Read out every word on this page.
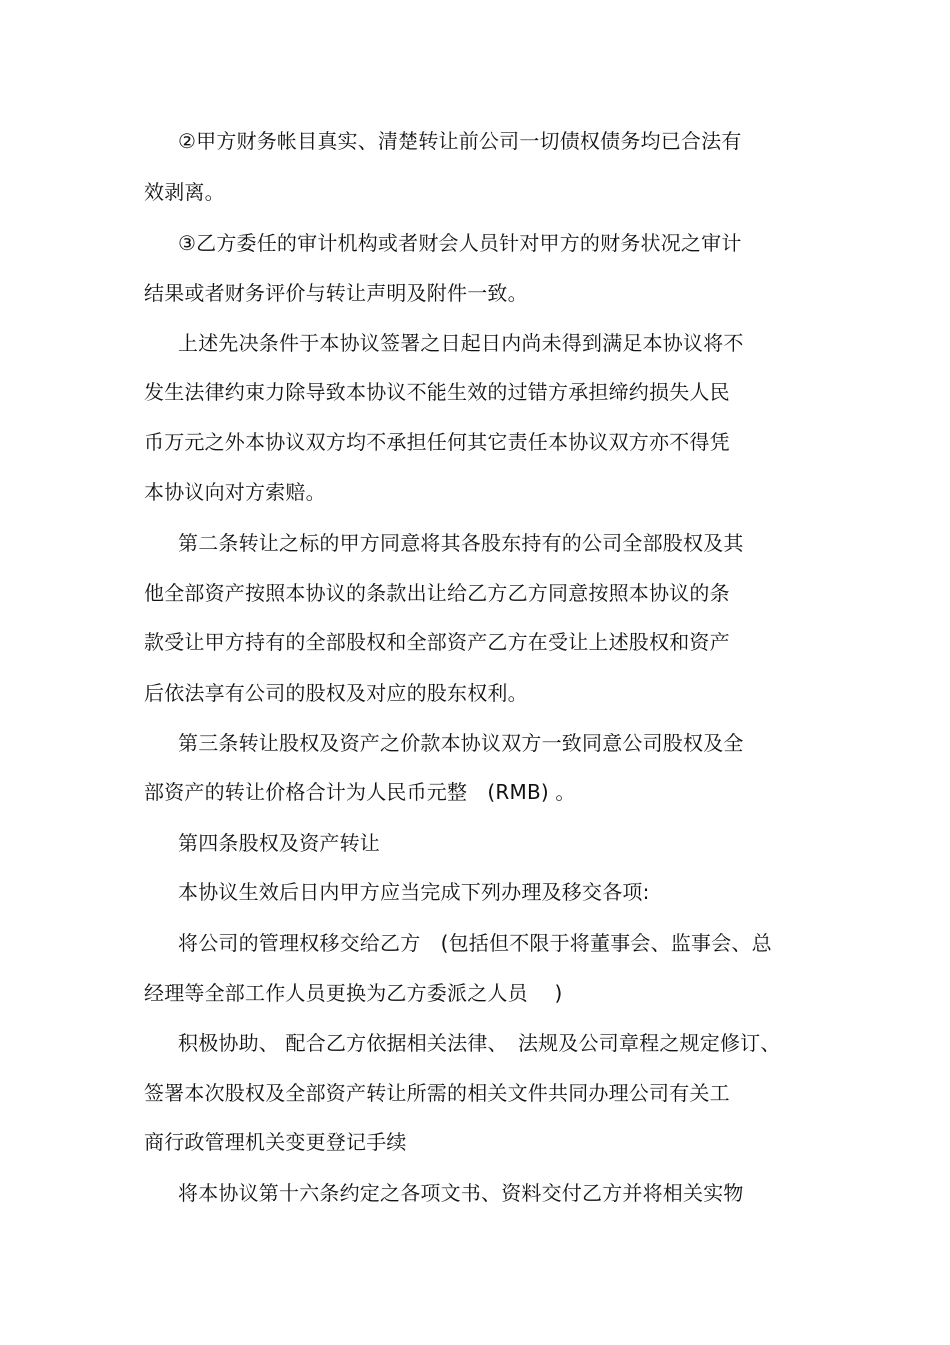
②甲方财务帐目真实、清楚转让前公司一切债权债务均已合法有
效剥离。
③乙方委任的审计机构或者财会人员针对甲方的财务状况之审计
结果或者财务评价与转让声明及附件一致。
上述先决条件于本协议签署之日起日内尚未得到满足本协议将不
发生法律约束力除导致本协议不能生效的过错方承担缔约损失人民
币万元之外本协议双方均不承担任何其它责任本协议双方亦不得凭
本协议向对方索赔。
第二条转让之标的甲方同意将其各股东持有的公司全部股权及其
他全部资产按照本协议的条款出让给乙方乙方同意按照本协议的条
款受让甲方持有的全部股权和全部资产乙方在受让上述股权和资产
后依法享有公司的股权及对应的股东权利。
第三条转让股权及资产之价款本协议双方一致同意公司股权及全
部资产的转让价格合计为人民币元整　(RMB) 。
第四条股权及资产转让
本协议生效后日内甲方应当完成下列办理及移交各项:
将公司的管理权移交给乙方　(包括但不限于将董事会、监事会、总
经理等全部工作人员更换为乙方委派之人员　 )
积极协助、 配合乙方依据相关法律、　法规及公司章程之规定修订、
签署本次股权及全部资产转让所需的相关文件共同办理公司有关工
商行政管理机关变更登记手续
将本协议第十六条约定之各项文书、资料交付乙方并将相关实物
